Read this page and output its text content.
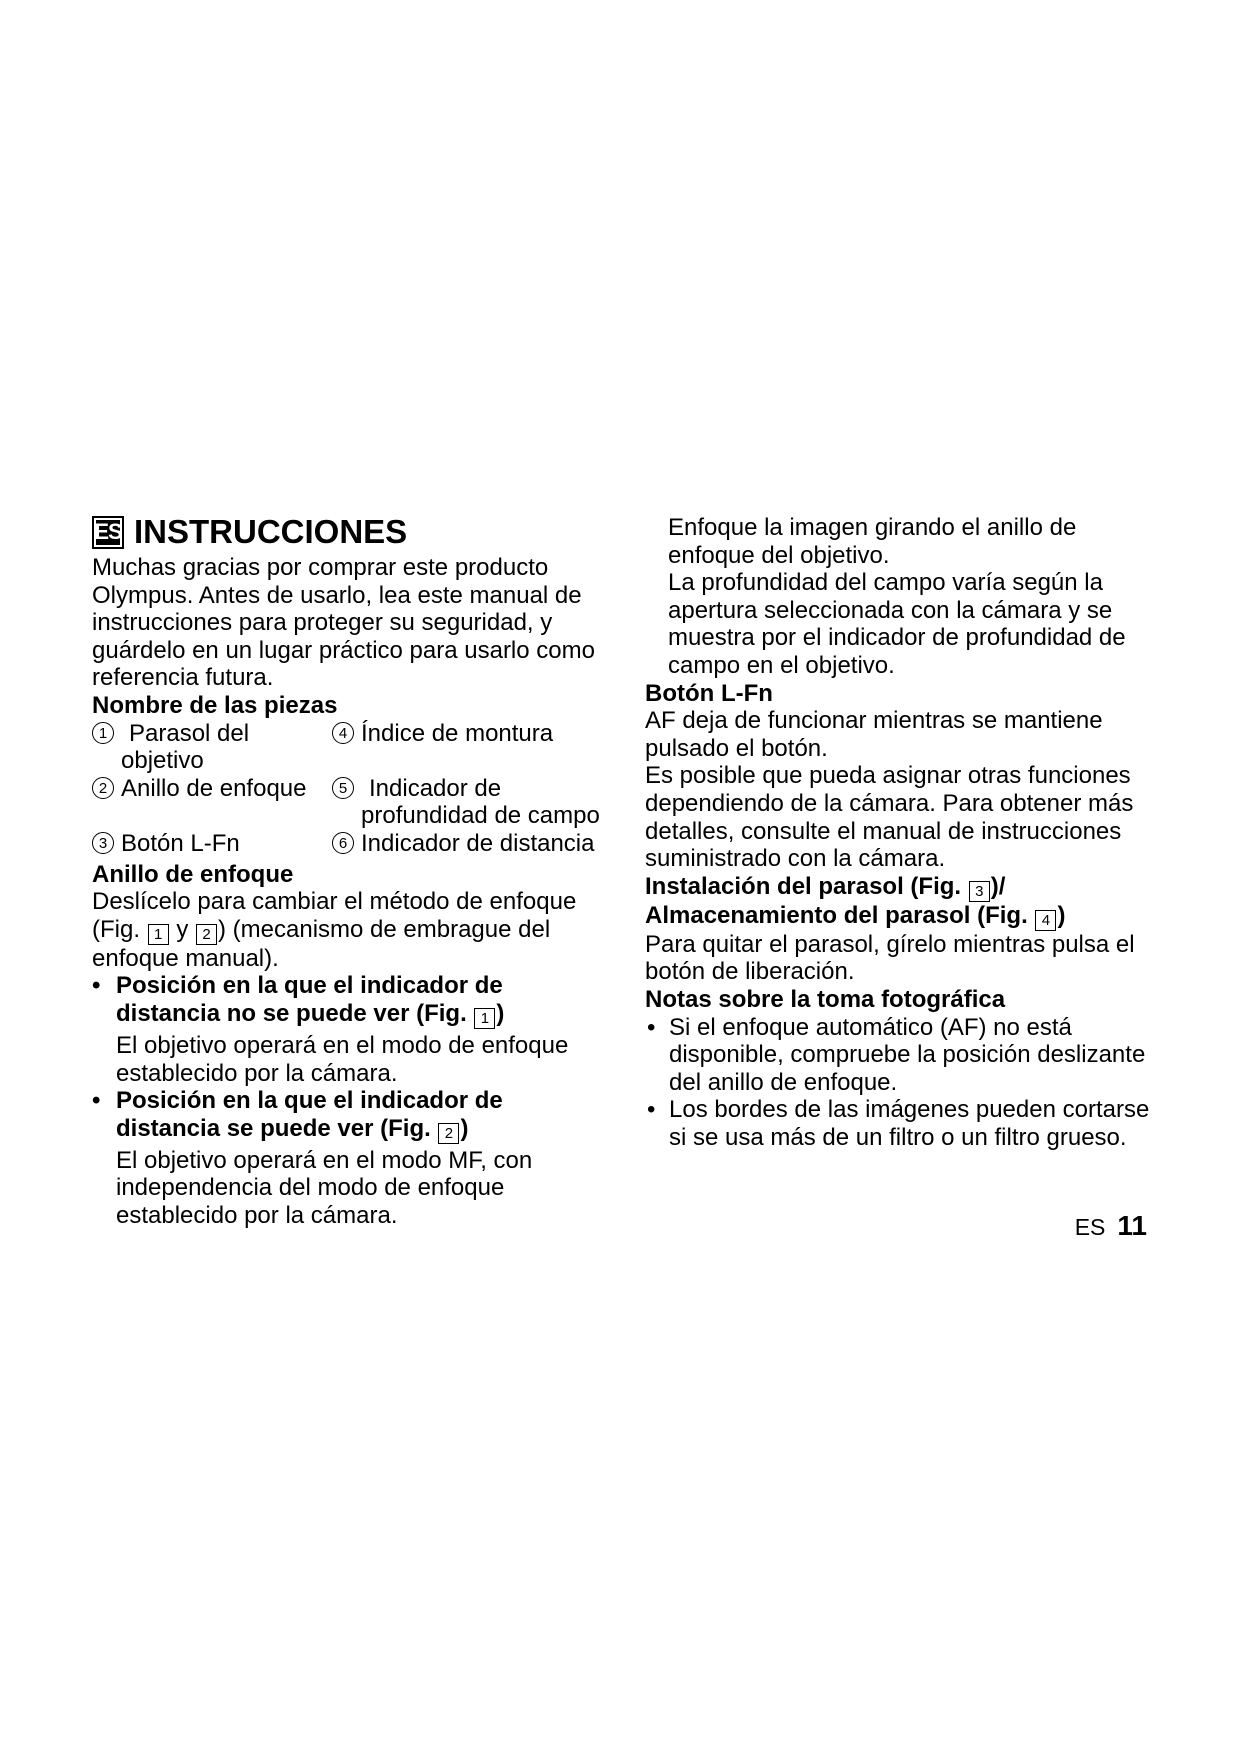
ES INSTRUCCIONES

Muchas gracias por comprar este producto Olympus. Antes de usarlo, lea este manual de instrucciones para proteger su seguridad, y guárdelo en un lugar práctico para usarlo como referencia futura.

Nombre de las piezas

1 Parasol del objetivo
4 Índice de montura
2 Anillo de enfoque	5 Indicador de profundidad de campo
3 Botón L-Fn	6 Indicador de distancia

Anillo de enfoque

Deslícelo para cambiar el método de enfoque (Fig. 1 y 2 ) (mecanismo de embrague del enfoque manual).

• Posición en la que el indicador de distancia no se puede ver (Fig. 1 )

El objetivo operará en el modo de enfoque establecido por la cámara.

• Posición en la que el indicador de distancia se puede ver (Fig. 2 )

El objetivo operará en el modo MF, con independencia del modo de enfoque establecido por la cámara.

Enfoque la imagen girando el anillo de enfoque del objetivo.

La profundidad del campo varía según la apertura seleccionada con la cámara y se muestra por el indicador de profundidad de campo en el objetivo.

Botón L-Fn

AF deja de funcionar mientras se mantiene pulsado el botón.

Es posible que pueda asignar otras funciones dependiendo de la cámara. Para obtener más detalles, consulte el manual de instrucciones suministrado con la cámara.

Instalación del parasol (Fig. 3 )/

Almacenamiento del parasol (Fig. 4 )

Para quitar el parasol, gírelo mientras pulsa el botón de liberación.

Notas sobre la toma fotográfica

• Si el enfoque automático (AF) no está disponible, compruebe la posición deslizante del anillo de enfoque.
• Los bordes de las imágenes pueden cortarse si se usa más de un filtro o un filtro grueso.
ES 11
